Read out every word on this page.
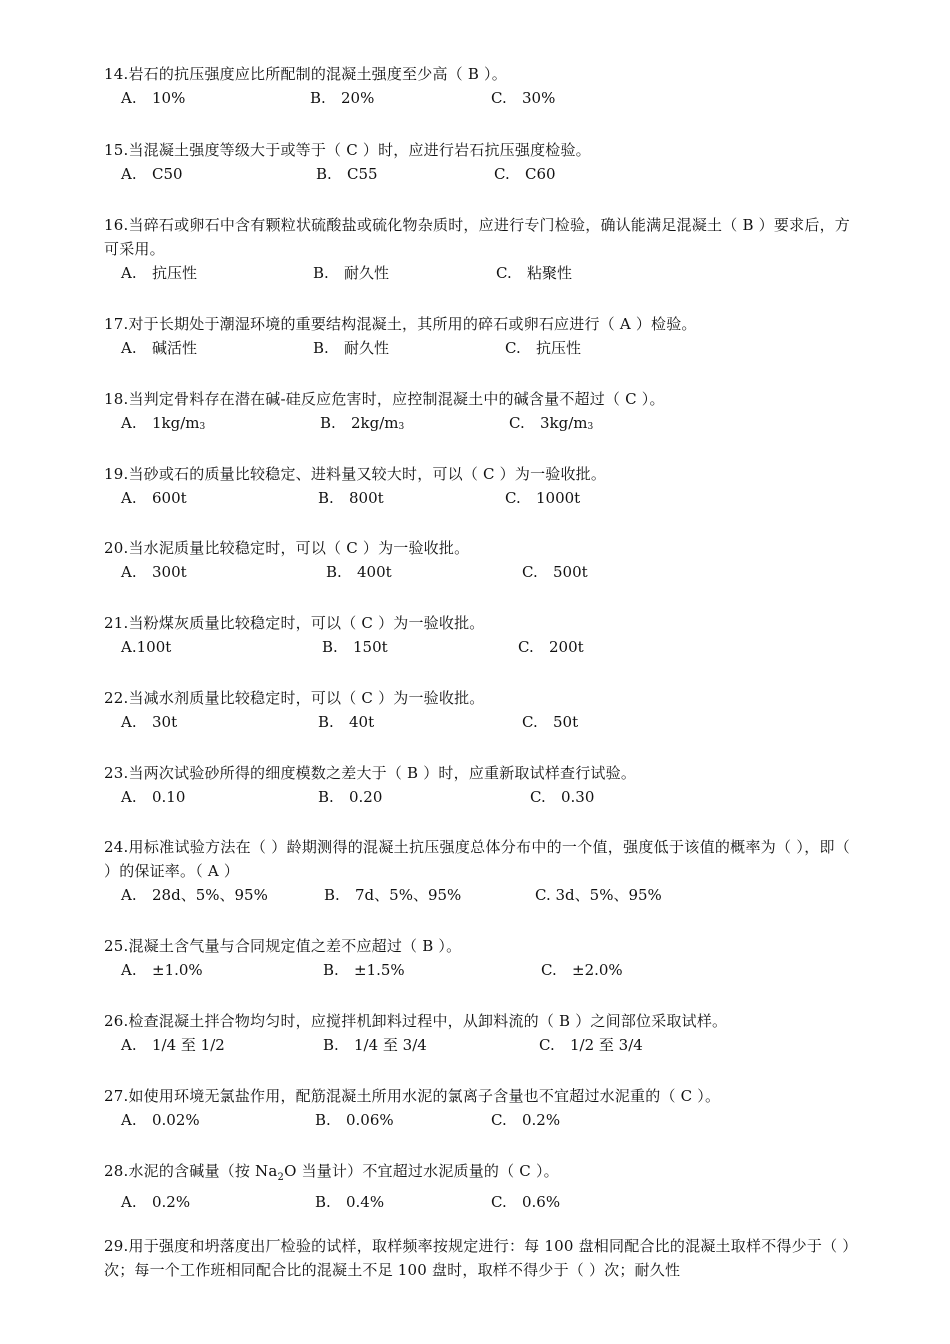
14.岩石的抗压强度应比所配制的混凝土强度至少高（ B ）。
A. 10%	B. 20%	C. 30%
15.当混凝土强度等级大于或等于（ C ）时，应进行岩石抗压强度检验。
A. C50	B. C55	C. C60
16.当碎石或卵石中含有颗粒状硫酸盐或硫化物杂质时，应进行专门检验，确认能满足混凝土（ B ）要求后，方可采用。
A. 抗压性	B. 耐久性	C. 粘聚性
17.对于长期处于潮湿环境的重要结构混凝土，其所用的碎石或卵石应进行（ A ）检验。
A. 碱活性	B. 耐久性	C. 抗压性
18.当判定骨料存在潜在碱-硅反应危害时，应控制混凝土中的碱含量不超过（ C ）。
A. 1kg/m3	B. 2kg/m3	C. 3kg/m3
19.当砂或石的质量比较稳定、进料量又较大时，可以（ C ）为一验收批。
A. 600t	B. 800t	C. 1000t
20.当水泥质量比较稳定时，可以（ C ）为一验收批。
A. 300t	B. 400t	C. 500t
21.当粉煤灰质量比较稳定时，可以（ C ）为一验收批。
A.100t	B. 150t	C. 200t
22.当减水剂质量比较稳定时，可以（ C ）为一验收批。
A. 30t	B. 40t	C. 50t
23.当两次试验砂所得的细度模数之差大于（ B ）时，应重新取试样查行试验。
A. 0.10	B. 0.20	C. 0.30
24.用标准试验方法在（ ）龄期测得的混凝土抗压强度总体分布中的一个值，强度低于该值的概率为（ ），即（ ）的保证率。（ A ）
A. 28d、5%、95%	B. 7d、5%、95%	C. 3d、5%、95%
25.混凝土含气量与合同规定值之差不应超过（ B ）。
A. ±1.0%	B. ±1.5%	C. ±2.0%
26.检查混凝土拌合物均匀时，应搅拌机卸料过程中，从卸料流的（ B ）之间部位采取试样。
A. 1/4 至 1/2	B. 1/4 至 3/4	C. 1/2 至 3/4
27.如使用环境无氯盐作用，配筋混凝土所用水泥的氯离子含量也不宜超过水泥重的（ C ）。
A. 0.02%	B. 0.06%	C. 0.2%
28.水泥的含碱量（按 $Na_2O$ 当量计）不宜超过水泥质量的（ C ）。
A. 0.2%	B. 0.4%	C. 0.6%
29.用于强度和坍落度出厂检验的试样，取样频率按规定进行：每 100 盘相同配合比的混凝土取样不得少于（ ）次；每一个工作班相同配合比的混凝土不足 100 盘时，取样不得少于（ ）次；耐久性
